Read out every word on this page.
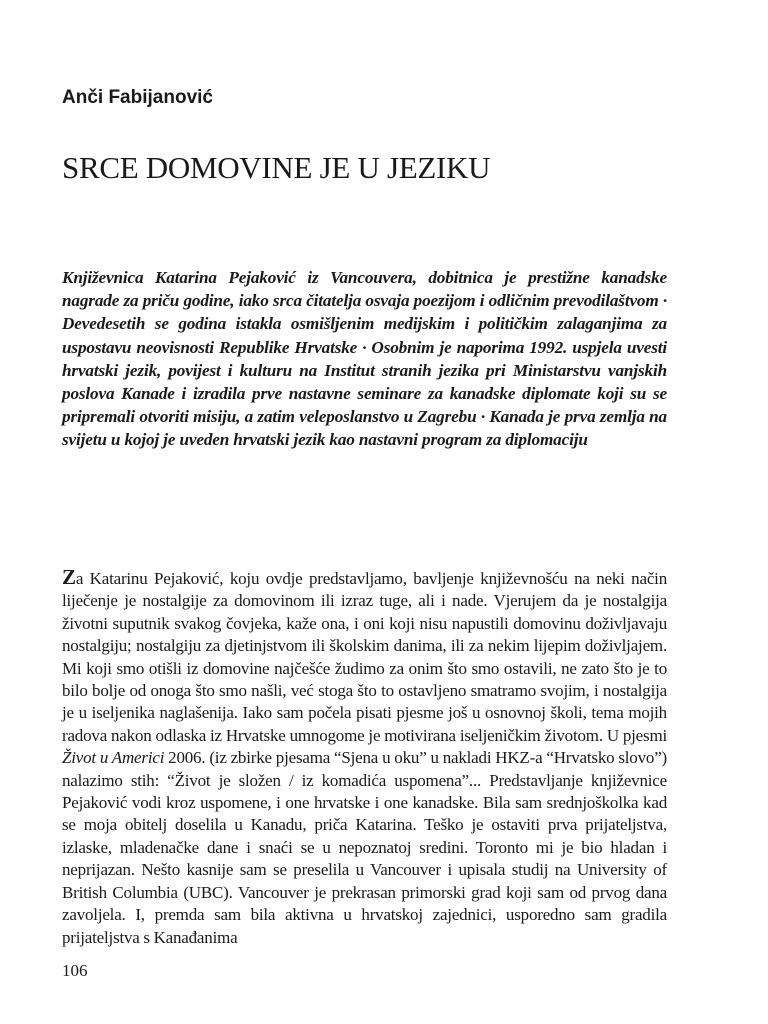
Anči Fabijanović
SRCE DOMOVINE JE U JEZIKU

Književnica Katarina Pejaković iz Vancouvera, dobitnica je prestižne kanadske nagrade za priču godine, iako srca čitatelja osvaja poezijom i odličnim prevodilaštvom · Devedesetih se godina istakla osmišljenim medijskim i političkim zalaganjima za uspostavu neovisnosti Republike Hrvatske · Osobnim je naporima 1992. uspjela uvesti hrvatski jezik, povijest i kulturu na Institut stranih jezika pri Ministarstvu vanjskih poslova Kanade i izradila prve nastavne seminare za kanadske diplomate koji su se pripremali otvoriti misiju, a zatim veleposlanstvo u Zagrebu · Kanada je prva zemlja na svijetu u kojoj je uveden hrvatski jezik kao nastavni program za diplomaciju

Za Katarinu Pejaković, koju ovdje predstavljamo, bavljenje književnošću na neki način liječenje je nostalgije za domovinom ili izraz tuge, ali i nade. Vjerujem da je nostalgija životni suputnik svakog čovjeka, kaže ona, i oni koji nisu napustili domovinu doživljavaju nostalgiju; nostalgiju za djetinjstvom ili školskim danima, ili za nekim lijepim doživljajem. Mi koji smo otišli iz domovine najčešće žudimo za onim što smo ostavili, ne zato što je to bilo bolje od onoga što smo našli, već stoga što to ostavljeno smatramo svojim, i nostalgija je u iseljenika naglašenija. Iako sam počela pisati pjesme još u osnovnoj školi, tema mojih radova nakon odlaska iz Hrvatske umnogome je motivirana iseljeničkim životom. U pjesmi Život u Americi 2006. (iz zbirke pjesama “Sjena u oku” u nakladi HKZ-a “Hrvatsko slovo”) nalazimo stih: “Život je složen / iz komadića uspomena”... Predstavljanje književnice Pejaković vodi kroz uspomene, i one hrvatske i one kanadske. Bila sam srednjoškolka kad se moja obitelj doselila u Kanadu, priča Katarina. Teško je ostaviti prva prijateljstva, izlaske, mladenačke dane i snaći se u nepoznatoj sredini. Toronto mi je bio hladan i neprijazan. Nešto kasnije sam se preselila u Vancouver i upisala studij na University of British Columbia (UBC). Vancouver je prekrasan primorski grad koji sam od prvog dana zavoljela. I, premda sam bila aktivna u hrvatskoj zajednici, usporedno sam gradila prijateljstva s Kanađanima

106
